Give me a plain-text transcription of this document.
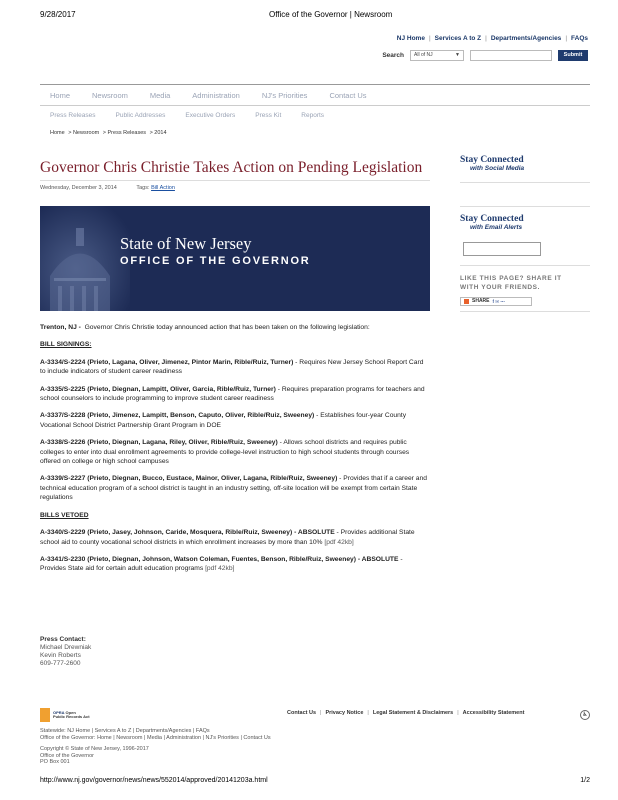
9/28/2017	Office of the Governor | Newsroom
NJ Home | Services A to Z | Departments/Agencies | FAQs
Search	All of NJ	▼	Submit
Home	Newsroom	Media	Administration	NJ's Priorities	Contact Us
Press Releases	Public Addresses	Executive Orders	Press Kit	Reports
Home > Newsroom > Press Releases > 2014
Governor Chris Christie Takes Action on Pending Legislation
Wednesday, December 3, 2014	Tags: Bill Action
State of New Jersey
OFFICE OF THE GOVERNOR

Trenton, NJ - Governor Chris Christie today announced action that has been taken on the following legislation:

BILL SIGNINGS:

A-3334/S-2224 (Prieto, Lagana, Oliver, Jimenez, Pintor Marin, Rible/Ruiz, Turner) - Requires New Jersey School Report Card to include indicators of student career readiness

A-3335/S-2225 (Prieto, Diegnan, Lampitt, Oliver, Garcia, Rible/Ruiz, Turner) - Requires preparation programs for teachers and school counselors to include programming to improve student career readiness

A-3337/S-2228 (Prieto, Jimenez, Lampitt, Benson, Caputo, Oliver, Rible/Ruiz, Sweeney) - Establishes four-year County Vocational School District Partnership Grant Program in DOE

A-3338/S-2226 (Prieto, Diegnan, Lagana, Riley, Oliver, Rible/Ruiz, Sweeney) - Allows school districts and requires public colleges to enter into dual enrollment agreements to provide college-level instruction to high school students through courses offered on college or high school campuses

A-3339/S-2227 (Prieto, Diegnan, Bucco, Eustace, Mainor, Oliver, Lagana, Rible/Ruiz, Sweeney) - Provides that if a career and technical education program of a school district is taught in an industry setting, off-site location will be exempt from certain State regulations

BILLS VETOED

A-3340/S-2229 (Prieto, Jasey, Johnson, Caride, Mosquera, Rible/Ruiz, Sweeney) - ABSOLUTE - Provides additional State school aid to county vocational school districts in which enrollment increases by more than 10% [pdf 42kb]

A-3341/S-2230 (Prieto, Diegnan, Johnson, Watson Coleman, Fuentes, Benson, Rible/Ruiz, Sweeney) - ABSOLUTE - Provides State aid for certain adult education programs [pdf 42kb]

Press Contact:
Michael Drewniak
Kevin Roberts
609-777-2600
Stay Connected
with Social Media
Stay Connected
with Email Alerts
LIKE THIS PAGE? SHARE IT
WITH YOUR FRIENDS.
SHARE f ✉ ⋯
OPRA Open
Public Records Act
Contact Us | Privacy Notice | Legal Statement & Disclaimers | Accessibility Statement	♿
Statewide: NJ Home | Services A to Z | Departments/Agencies | FAQs
Office of the Governor: Home | Newsroom | Media | Administration | NJ's Priorities | Contact Us
Copyright © State of New Jersey, 1996-2017
Office of the Governor
PO Box 001
http://www.nj.gov/governor/news/news/552014/approved/20141203a.html	1/2
